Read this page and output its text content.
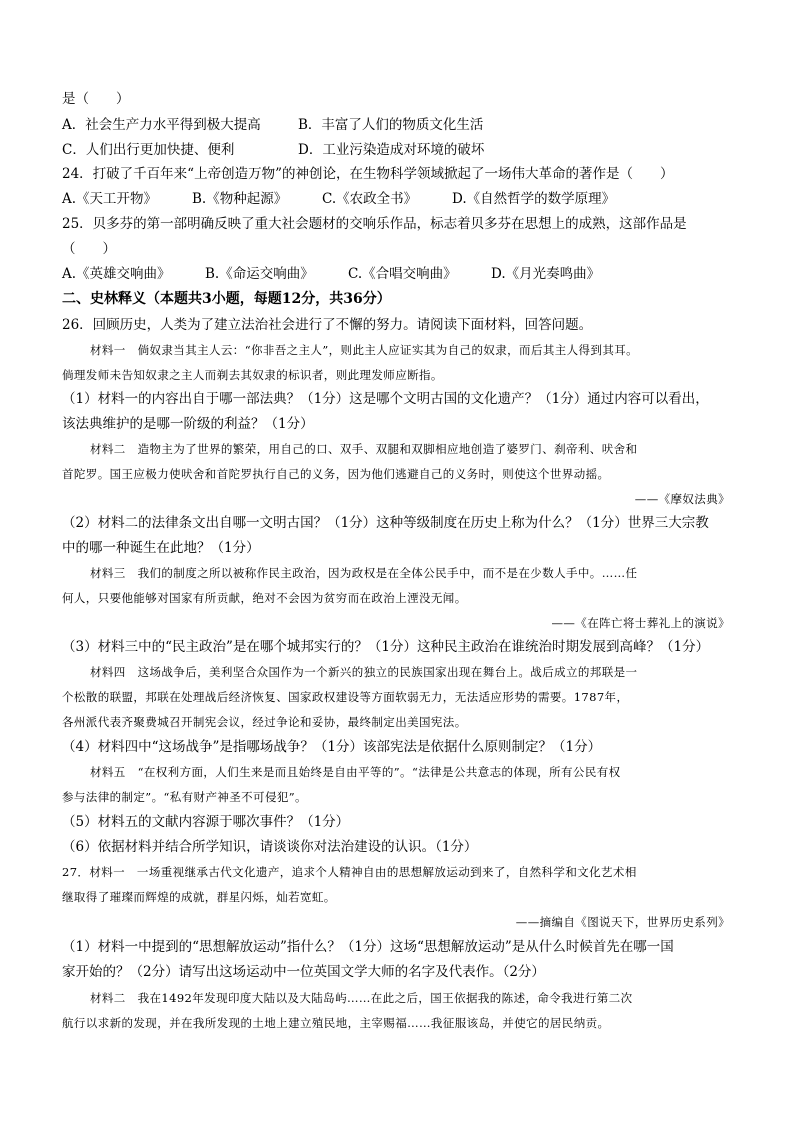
是（　　）
A．社会生产力水平得到极大提高	B．丰富了人们的物质文化生活
C．人们出行更加快捷、便利	D．工业污染造成对环境的破坏
24．打破了千百年来“上帝创造万物”的神创论，在生物科学领域掀起了一场伟大革命的著作是（　　）
A.《天工开物》	B.《物种起源》	C.《农政全书》	D.《自然哲学的数学原理》
25．贝多芬的第一部明确反映了重大社会题材的交响乐作品，标志着贝多芬在思想上的成熟，这部作品是
（　　）
A.《英雄交响曲》	B.《命运交响曲》	C.《合唱交响曲》	D.《月光奏鸣曲》
二、史林释义（本题共3小题，每题12分，共36分）
26．回顾历史，人类为了建立法治社会进行了不懈的努力。请阅读下面材料，回答问题。
材料一　倘奴隶当其主人云：“你非吾之主人”，则此主人应证实其为自己的奴隶，而后其主人得到其耳。
倘理发师未告知奴隶之主人而剃去其奴隶的标识者，则此理发师应断指。
（1）材料一的内容出自于哪一部法典？（1分）这是哪个文明古国的文化遗产？（1分）通过内容可以看出，
该法典维护的是哪一阶级的利益？（1分）
材料二　造物主为了世界的繁荣，用自己的口、双手、双腿和双脚相应地创造了婆罗门、刹帝利、吠舍和
首陀罗。国王应极力使吠舍和首陀罗执行自己的义务，因为他们逃避自己的义务时，则使这个世界动摇。
——《摩奴法典》
（2）材料二的法律条文出自哪一文明古国？（1分）这种等级制度在历史上称为什么？（1分）世界三大宗教
中的哪一种诞生在此地？（1分）
材料三　我们的制度之所以被称作民主政治，因为政权是在全体公民手中，而不是在少数人手中。……任
何人，只要他能够对国家有所贡献，绝对不会因为贫穷而在政治上湮没无闻。
——《在阵亡将士葬礼上的演说》
（3）材料三中的“民主政治”是在哪个城邦实行的？（1分）这种民主政治在谁统治时期发展到高峰？（1分）
材料四　这场战争后，美利坚合众国作为一个新兴的独立的民族国家出现在舞台上。战后成立的邦联是一
个松散的联盟，邦联在处理战后经济恢复、国家政权建设等方面软弱无力，无法适应形势的需要。1787年，
各州派代表齐聚费城召开制宪会议，经过争论和妥协，最终制定出美国宪法。
（4）材料四中“这场战争”是指哪场战争？（1分）该部宪法是依据什么原则制定？（1分）
材料五　“在权利方面，人们生来是而且始终是自由平等的”。“法律是公共意志的体现，所有公民有权
参与法律的制定”。“私有财产神圣不可侵犯”。
（5）材料五的文献内容源于哪次事件？（1分）
（6）依据材料并结合所学知识，请谈谈你对法治建设的认识。（1分）
27．材料一　一场重视继承古代文化遗产，追求个人精神自由的思想解放运动到来了，自然科学和文化艺术相
继取得了璀璨而辉煌的成就，群星闪烁，灿若宽虹。
——摘编自《图说天下，世界历史系列》
（1）材料一中提到的“思想解放运动”指什么？（1分）这场“思想解放运动”是从什么时候首先在哪一国
家开始的？（2分）请写出这场运动中一位英国文学大师的名字及代表作。（2分）
材料二　我在1492年发现印度大陆以及大陆岛屿……在此之后，国王依据我的陈述，命令我进行第二次
航行以求新的发现，并在我所发现的土地上建立殖民地，主宰赐福……我征服该岛，并使它的居民纳贡。
